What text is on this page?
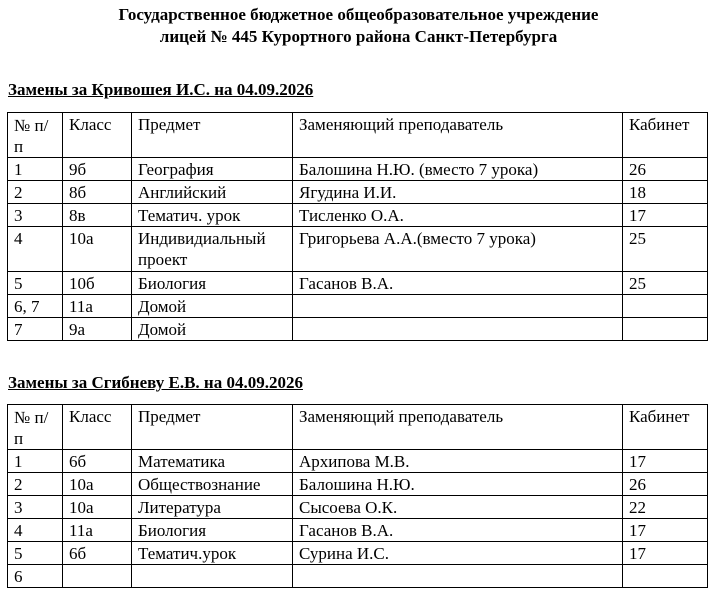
Государственное бюджетное общеобразовательное учреждение
лицей № 445 Курортного района Санкт-Петербурга
Замены за Кривошея И.С. на 04.09.2026
№ п/п	Класс	Предмет	Заменяющий преподаватель	Кабинет
1	9б	География	Балошина Н.Ю. (вместо 7 урока)	26
2	8б	Английский	Ягудина И.И.	18
3	8в	Тематич. урок	Тисленко О.А.	17
4	10а	Индивидиальный проект	Григорьева А.А.(вместо 7 урока)	25
5	10б	Биология	Гасанов В.А.	25
6, 7	11а	Домой		
7	9а	Домой		
Замены за Сгибневу Е.В. на 04.09.2026
№ п/п	Класс	Предмет	Заменяющий преподаватель	Кабинет
1	6б	Математика	Архипова М.В.	17
2	10а	Обществознание	Балошина Н.Ю.	26
3	10а	Литература	Сысоева О.К.	22
4	11а	Биология	Гасанов В.А.	17
5	6б	Тематич.урок	Сурина И.С.	17
6				
